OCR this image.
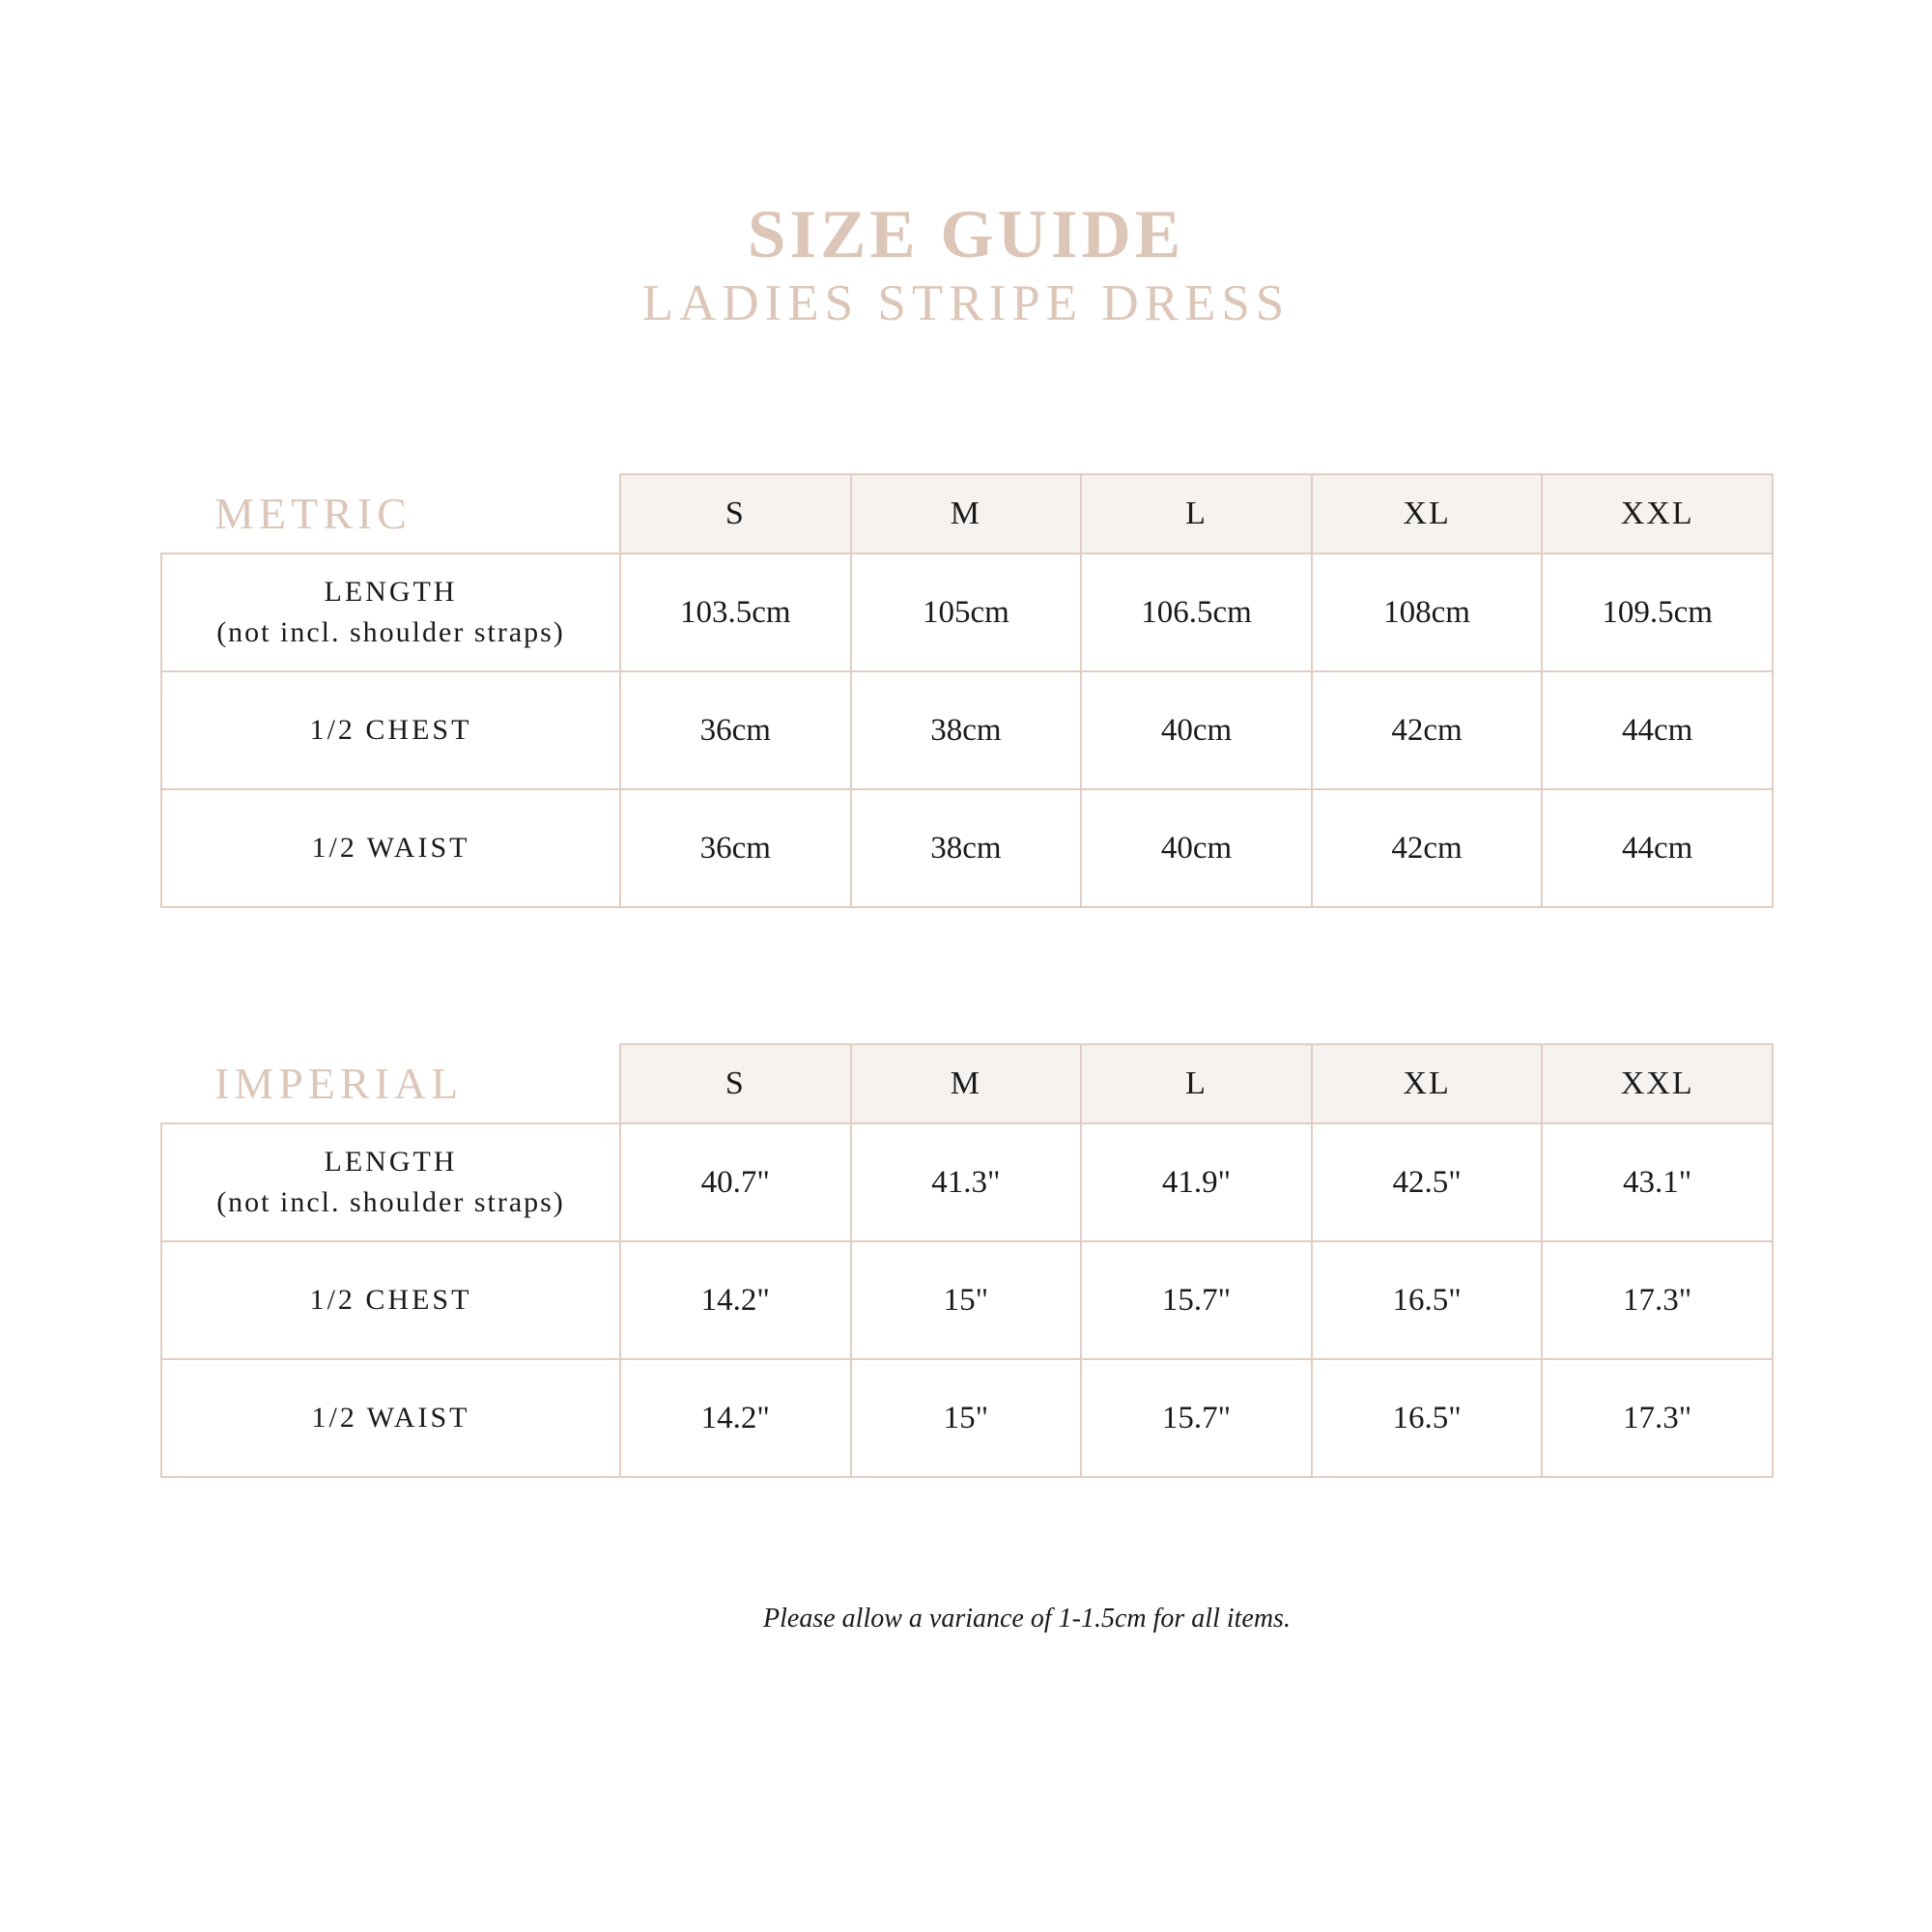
SIZE GUIDE
LADIES STRIPE DRESS
METRIC
		S	M	L	XL	XXL
LENGTH
(not incl. shoulder straps)	103.5cm	105cm	106.5cm	108cm	109.5cm
1/2 CHEST	36cm	38cm	40cm	42cm	44cm
1/2 WAIST	36cm	38cm	40cm	42cm	44cm
IMPERIAL
		S	M	L	XL	XXL
LENGTH
(not incl. shoulder straps)	40.7"	41.3"	41.9"	42.5"	43.1"
1/2 CHEST	14.2"	15"	15.7"	16.5"	17.3"
1/2 WAIST	14.2"	15"	15.7"	16.5"	17.3"
Please allow a variance of 1-1.5cm for all items.
